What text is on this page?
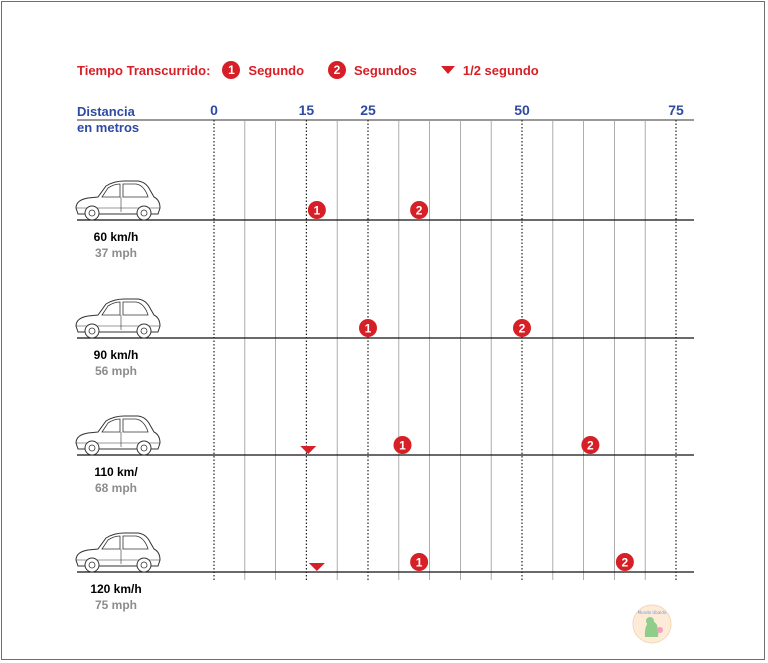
Tiempo Transcurrido:	1	Segundo	2	Segundos	1/2 segundo
Distancia
en metros
0	15	25	50	75
1	2
1	2
1	2
1	2
60 km/h
37 mph
90 km/h
56 mph
110 km/
68 mph
120 km/h
75 mph
Mundo Ubaldo
